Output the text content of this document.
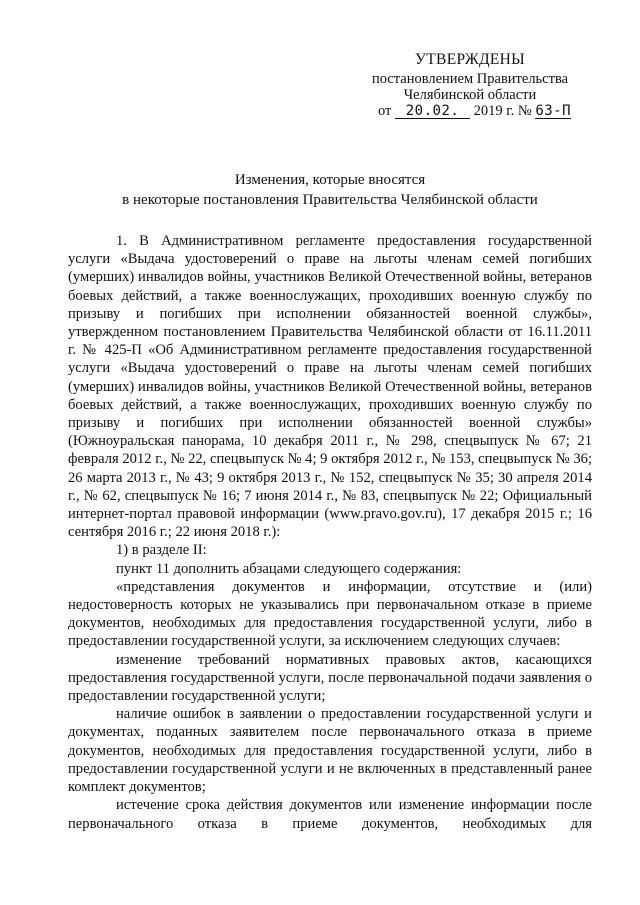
УТВЕРЖДЕНЫ
постановлением Правительства
Челябинской области
от 20.02. 2019 г. № 63-П
Изменения, которые вносятся
в некоторые постановления Правительства Челябинской области

1. В Административном регламенте предоставления государственной услуги «Выдача удостоверений о праве на льготы членам семей погибших (умерших) инвалидов войны, участников Великой Отечественной войны, ветеранов боевых действий, а также военнослужащих, проходивших военную службу по призыву и погибших при исполнении обязанностей военной службы», утвержденном постановлением Правительства Челябинской области от 16.11.2011 г. № 425-П «Об Административном регламенте предоставления государственной услуги «Выдача удостоверений о праве на льготы членам семей погибших (умерших) инвалидов войны, участников Великой Отечественной войны, ветеранов боевых действий, а также военнослужащих, проходивших военную службу по призыву и погибших при исполнении обязанностей военной службы» (Южноуральская панорама, 10 декабря 2011 г., № 298, спецвыпуск № 67; 21 февраля 2012 г., № 22, спецвыпуск № 4; 9 октября 2012 г., № 153, спецвыпуск № 36; 26 марта 2013 г., № 43; 9 октября 2013 г., № 152, спецвыпуск № 35; 30 апреля 2014 г., № 62, спецвыпуск № 16; 7 июня 2014 г., № 83, спецвыпуск № 22; Официальный интернет-портал правовой информации (www.pravo.gov.ru), 17 декабря 2015 г.; 16 сентября 2016 г.; 22 июня 2018 г.):

1) в разделе II:

пункт 11 дополнить абзацами следующего содержания:

«представления документов и информации, отсутствие и (или) недостоверность которых не указывались при первоначальном отказе в приеме документов, необходимых для предоставления государственной услуги, либо в предоставлении государственной услуги, за исключением следующих случаев:

изменение требований нормативных правовых актов, касающихся предоставления государственной услуги, после первоначальной подачи заявления о предоставлении государственной услуги;

наличие ошибок в заявлении о предоставлении государственной услуги и документах, поданных заявителем после первоначального отказа в приеме документов, необходимых для предоставления государственной услуги, либо в предоставлении государственной услуги и не включенных в представленный ранее комплект документов;

истечение срока действия документов или изменение информации после первоначального отказа в приеме документов, необходимых для
